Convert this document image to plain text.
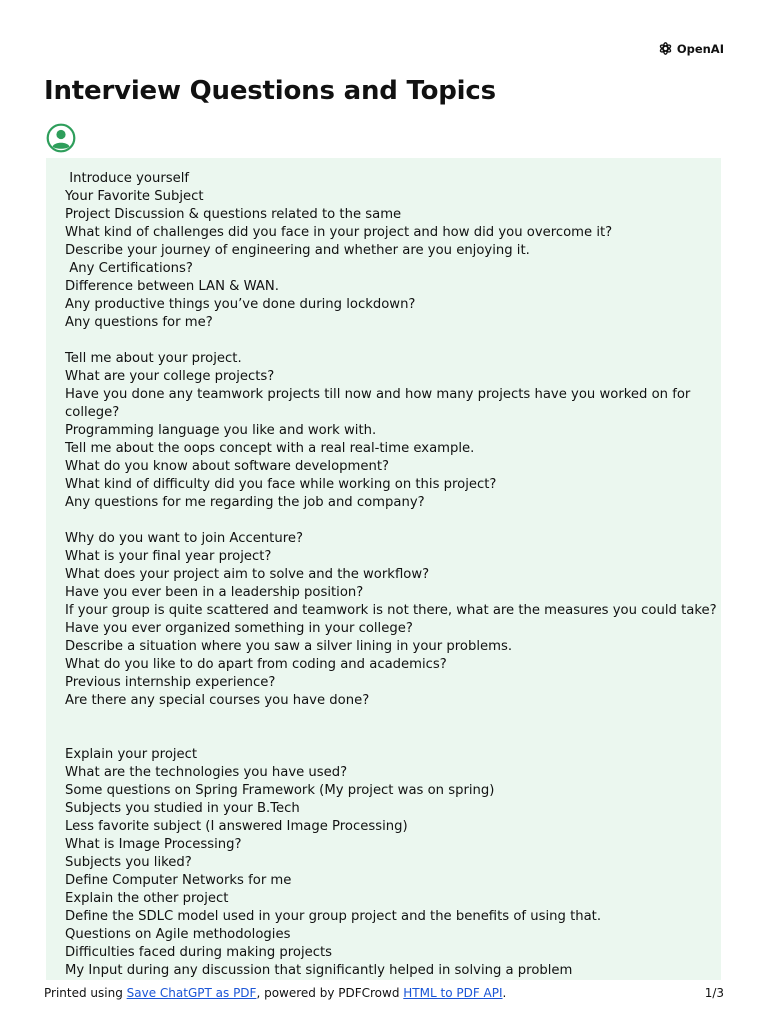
OpenAI
Interview Questions and Topics
Introduce yourself
Your Favorite Subject
Project Discussion & questions related to the same
What kind of challenges did you face in your project and how did you overcome it?
Describe your journey of engineering and whether are you enjoying it.
Any Certifications?
Difference between LAN & WAN.
Any productive things you’ve done during lockdown?
Any questions for me?
Tell me about your project.
What are your college projects?
Have you done any teamwork projects till now and how many projects have you worked on for
college?
Programming language you like and work with.
Tell me about the oops concept with a real real-time example.
What do you know about software development?
What kind of difficulty did you face while working on this project?
Any questions for me regarding the job and company?
Why do you want to join Accenture?
What is your final year project?
What does your project aim to solve and the workflow?
Have you ever been in a leadership position?
If your group is quite scattered and teamwork is not there, what are the measures you could take?
Have you ever organized something in your college?
Describe a situation where you saw a silver lining in your problems.
What do you like to do apart from coding and academics?
Previous internship experience?
Are there any special courses you have done?
Explain your project
What are the technologies you have used?
Some questions on Spring Framework (My project was on spring)
Subjects you studied in your B.Tech
Less favorite subject (I answered Image Processing)
What is Image Processing?
Subjects you liked?
Define Computer Networks for me
Explain the other project
Define the SDLC model used in your group project and the benefits of using that.
Questions on Agile methodologies
Difficulties faced during making projects
My Input during any discussion that significantly helped in solving a problem
Printed using Save ChatGPT as PDF, powered by PDFCrowd HTML to PDF API.	1/3
